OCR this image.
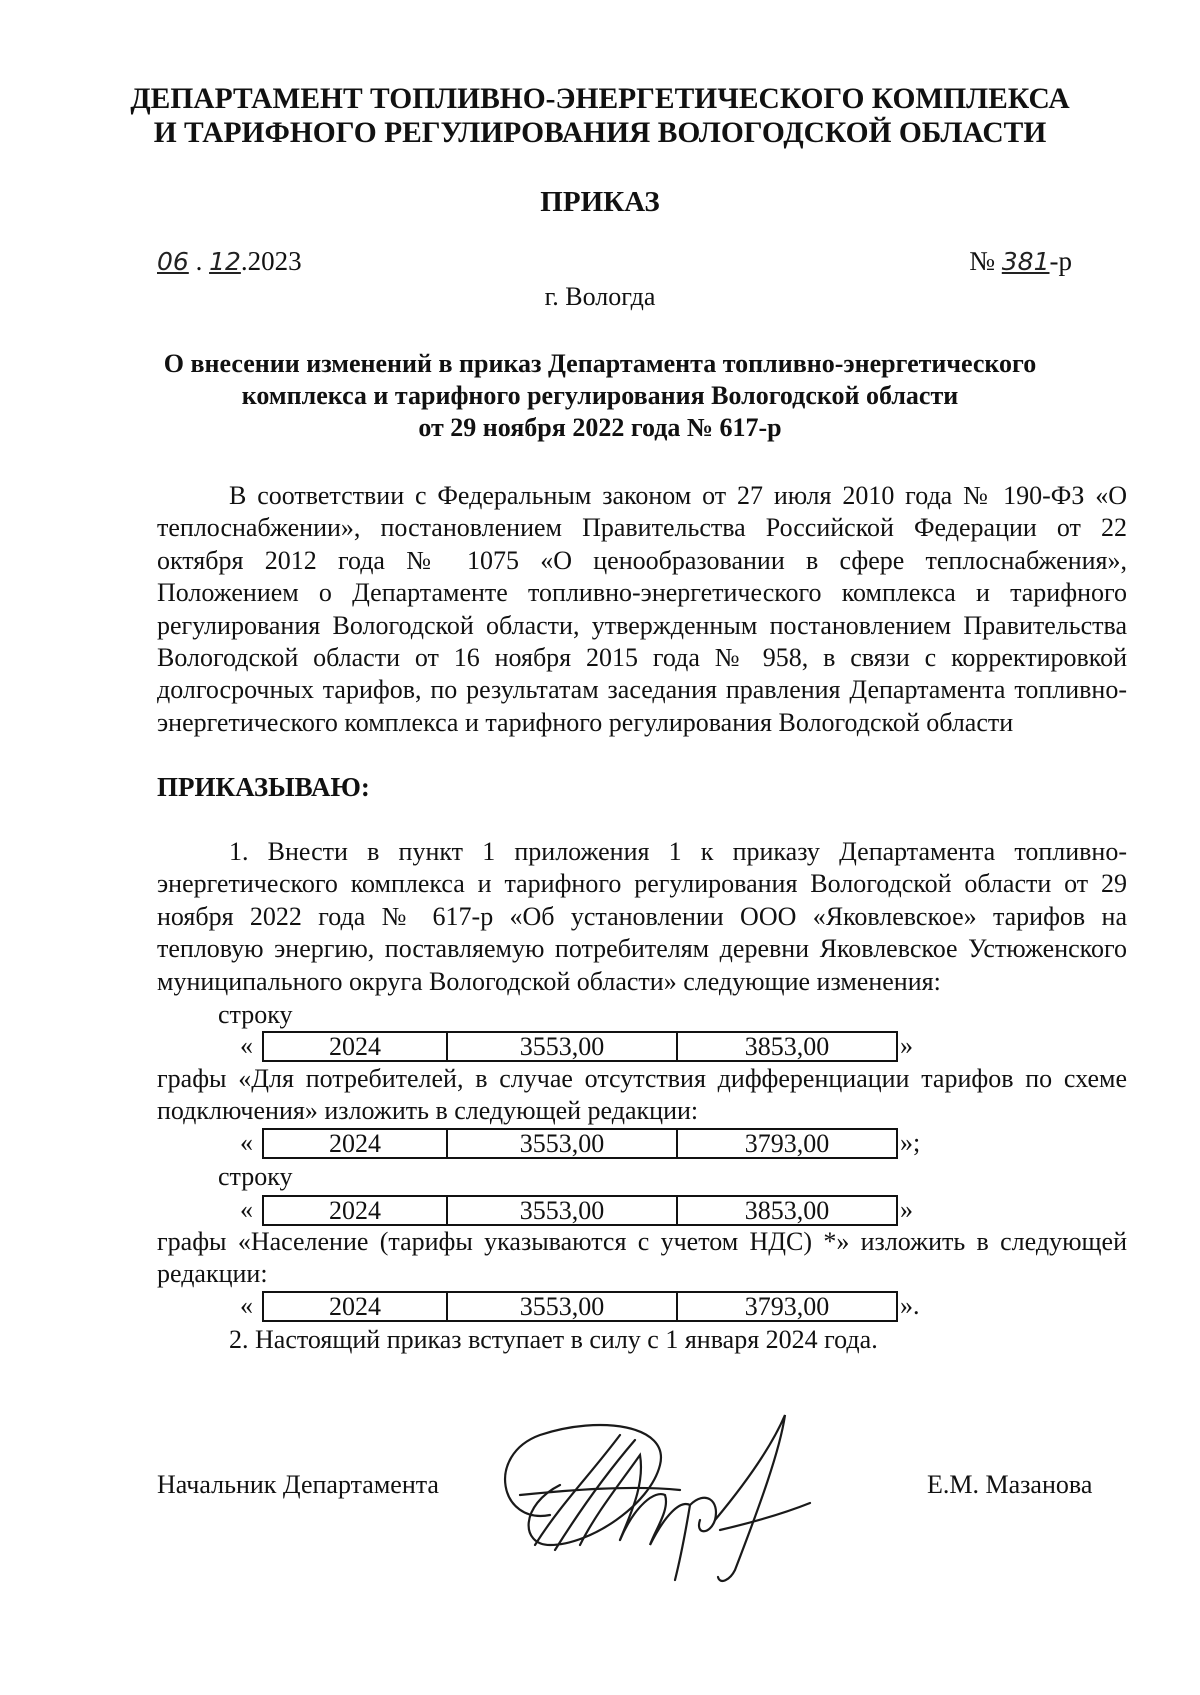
ДЕПАРТАМЕНТ ТОПЛИВНО-ЭНЕРГЕТИЧЕСКОГО КОМПЛЕКСА
И ТАРИФНОГО РЕГУЛИРОВАНИЯ ВОЛОГОДСКОЙ ОБЛАСТИ
ПРИКАЗ
06 . 12.2023	№ 381-р
г. Вологда
О внесении изменений в приказ Департамента топливно-энергетического
комплекса и тарифного регулирования Вологодской области
от 29 ноября 2022 года № 617-р
В соответствии с Федеральным законом от 27 июля 2010 года № 190-ФЗ «О теплоснабжении», постановлением Правительства Российской Федерации от 22 октября 2012 года № 1075 «О ценообразовании в сфере теплоснабжения», Положением о Департаменте топливно-энергетического комплекса и тарифного регулирования Вологодской области, утвержденным постановлением Правительства Вологодской области от 16 ноября 2015 года № 958, в связи с корректировкой долгосрочных тарифов, по результатам заседания правления Департамента топливно-энергетического комплекса и тарифного регулирования Вологодской области
ПРИКАЗЫВАЮ:
1. Внести в пункт 1 приложения 1 к приказу Департамента топливно-энергетического комплекса и тарифного регулирования Вологодской области от 29 ноября 2022 года № 617-р «Об установлении ООО «Яковлевское» тарифов на тепловую энергию, поставляемую потребителям деревни Яковлевское Устюженского муниципального округа Вологодской области» следующие изменения:
строку
«	2024	3553,00	3853,00	»
графы «Для потребителей, в случае отсутствия дифференциации тарифов по схеме подключения» изложить в следующей редакции:
«	2024	3553,00	3793,00	»;
строку
«	2024	3553,00	3853,00	»
графы «Население (тарифы указываются с учетом НДС) *» изложить в следующей редакции:
«	2024	3553,00	3793,00	».
2. Настоящий приказ вступает в силу с 1 января 2024 года.
Начальник Департамента	Е.М. Мазанова
